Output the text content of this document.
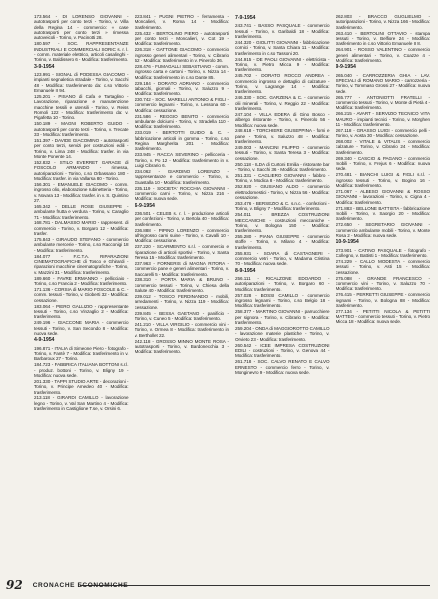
173.564 - DI LORENSO GIOVANNI - autotrasporti per conto terzi - Torino, v. Villa della Regina 14 - commercio: « case autotrasporti per conto terzi » rimessa autoveicoli - Torino, v. Pacinotti 28.

180.597 - SOC. RAPPRESENTANZE INDUSTRIALI E COMMERCIALI SORIC s. r. l. - comm. materiale elettrico, articoli casalinghi - Torino, v. Baldissero 6 - Modifica: trasferimento.

3-9-1954

123.991 - SIGNAL di PODESSA GIACOMO - impianti segnaletica stradale - Torino, v. Sacchi 48 - Modifica: trasferimento da: c.so Vittorio Emanuele II 94.

125.201 - PISANO di Cafa e Tartaglino - Lavorazione, riparazione e manutenzione macchine tessili e utensili - Torino, v. Reiss Romoli 122 - Modifica: trasferimento da: v. Pigafetta 10 - Torino.

150.189 - MAGNI ROBERTO GUIDO - autotrasporti per conto terzi - Torino, v. Trecate 33 - Modifica: trasferimento.

151.397 - DAVIDE GIACOMINO - autotrasporti per conto terzi, servizi per costruzioni edili - Torino, v. Lima 248 - Modifica: trasfer. in via Monte Ponente 14.

152.832 - STILO EVERRET GARAGE di FOSCOLO ARMANDO - rimessa, autoriparazioni - Torino, c.so Orbassano 180 - Modifica: trasfer. in via Vallarsa 80 - Torino.

156.301 - EMANUELE GIACOMO - comm. ingrosso olio, elaborazione rubinetteria - Torino, v. Novara 13 - Modifica: trasfer. in v. S. Quintino 27.

165.342 - DELLE ROSE GIUSEPPE - ambulante frutta e verdura - Torino, v. Caraglio 71 - Modifica: trasferimento.

168.781 - DALMASSO MARIO - rappresent. di commercio - Torino, v. Borgaro 12 - Modifica: trasfer.

175.843 - GIRAUDO STEFANO - commercio ambulante mercerie - Torino, c.so Racconigi 18 - Modifica: trasferimento.

184.077 - F.C.T.A. RIPARAZIONI CINEMATOGRAFICHE di Tosco e Ghirardi - riparazioni macchine cinematografiche - Torino, v. Mazzini 31 - Modifica: trasferimento.

189.660 - FAVRE ERMANNO - pellicciaio - Torino, c.so Francia 2 - Modifica: trasferimento.

171.136 - CORSIA di MARIO FOSCOLE & C. - comm. tessuti - Torino, v. Gioberti 32 - Modifica: cessazione.

183.064 - PIERO GALLIZIO - rappresentante tessuti - Torino, c.so Vinzaglio 2 - Modifica: trasferimento.

249.196 - GIACCONE MARIA - commercio tessuti - Torino, v. San Secondo 8 - Modifica: nuova sede.

4-9-1954

196.871 - ITALIA di Simeone Piero - fotografo - Torino, v. Fantè 7 - Modifica: trasferimento in v. Barbaroux 27 - Torino.

184.723 - FABBRICA ITALIANA BOTTONI s.r.l. - produz. bottoni - Torino, v. Bligny 19 - Modifica: nuova sede.

201.330 - TAPPI STUDIO ARTE - decorazioni - Torino, v. Principe Amedeo 40 - Modifica: trasferimento.

213.118 - GIRARDI CAMILLO - lavorazione legno - Torino, v. Val San Martino 4 - Modifica: trasferimento in Castiglione T.se, v. Orsini 6.

223.841 - PUGNI PIETRO - ferramenta - Moncalieri, v. Roma 14 - Modifica: trasferimento.

225.432 - BERTOLINO PIERO - autotrasporti per conto terzi - Moncalieri, v. Cot 19 - Modifica: trasferimento.

226.318 - GATTONE GIACOMO - commercio ingrosso generi alimentari - Torino, v. Cibrario 52 - Modifica: trasferimento in v. Pinerolo 36.

228.476 - FUMAGALLI SEBASTIANO - comm. ingrosso carta e cartoni - Torino, v. Nizza 14 - Modifica: trasferimento in c.so Dante 85.

229.184 - DORATO ADRIANO - commercio tabacchi, giornali - Torino, v. Saluzzo 9 - Modifica: trasferimento.

230.742 - SOC. MARELLI ANTONIO & FIGLI - commercio legnami - Torino, v. Lessona 60 - Modifica: cessazione.

231.586 - REGGIO BENITO - commercio ambulante dolciumi - Torino, v. Stradella 110 - Modifica: trasferimento.

233.019 - BERTOTTI GUIDO & C. - fabbricazione articoli in gomma - Torino, c.so Regina Margherita 201 - Modifica: trasferimento.

233.945 - RACCA SEVERINO - pellicceria - Torino, v. Po 12 - Modifica: trasferimento in v. Luigi Cibrario 6.

234.062 - GIARDINO LORENZO - rappresentanze e commercio - Torino, v. Guastalla 10 - Modifica: trasferimento.

235.119 - SOCIETA' ROCCHIA GIOVANNI - commercio carni - Torino, v. Nizza 216 - Modifica: nuova sede.

6-9-1954

236.501 - CELEB s. r. l. - produzione articoli per confezioni - Torino, v. Bertola 40 - Modifica: trasferimento.

236.888 - PIPINO LORENZO - commercio all'ingrosso carni suine - Torino, v. Cavalli 10 - Modifica: cessazione.

237.220 - SCARMENTO s.r.l. - commercio e riparazione di articoli sportivi - Torino, v. Santa Teresa 15 - Modifica: trasferimento.

237.963 - FORNERIS di MAGNA RITORA - commercio pane e generi alimentari - Torino, v. Saccarelli 5 - Modifica: trasferimento.

238.310 - PORTA MARIA & BRUNO - commercio tessuti - Torino, v. Chiesa della Salute 40 - Modifica: trasferimento.

239.012 - TOSCO FERDINANDO - mobili, arredamenti - Torino, v. Nizza 119 - Modifica: cessazione.

239.845 - BESSA GAETANO - panificio - Torino, v. Cuneo 5 - Modifica: trasferimento.

241.210 - VILLA VIRGILIO - commercio vini - Torino, v. Ormea 8 - Modifica: trasferimento in v. Berthollet 22.

242.118 - GROSSO MINNO MONTE ROSA - autotrasporti - Torino, v. Bardonecchia 3 - Modifica: trasferimento.

7-9-1954

243.741 - BASSO PASQUALE - commercio tessuti - Torino, v. Garibaldi 18 - Modifica: trasferimento.

244.320 - GIOLITTI GIOVANNI - fabbricazione cornici - Torino, v. Santa Chiara 11 - Modifica: trasferimento in c.so Tassoni 20.

244.915 - DE PAOLI GIOVANNI - elettricista - Torino, v. Pietro Micca 9 - Modifica: trasferimento.

245.702 - DORATO ROCCO ANDREA - commercio ingrosso e dettaglio di calzature - Torino, v. Lagrange 14 - Modifica: trasferimento.

246.330 - SOC. GARZENA & C. - commercio olii minerali - Torino, v. Reggio 22 - Modifica: trasferimento.

247.104 - VILLA EDERA di Gino Bosco - albergo ristorante - Torino, v. Pinerolo 56 - Modifica: nuova sede.

248.618 - TORCHIERE GIUSEPPINA - forni e pane - Torino, v. Saluzzo 48 - Modifica: trasferimento.

249.003 - MANCINI FILIPPO - commercio tessuti - Torino, v. Santa Teresa 3 - Modifica: cessazione.

250.118 - ILDA di Curtoni Emilia - ristorante bar - Torino, v. Sacchi 36 - Modifica: trasferimento.

251.331 - CAGLIERO GIOVANNI - fabbro - Torino, v. Modica 8 - Modifica: trasferimento.

252.920 - GIUSIANO ALDO - commercio elettrodomestici - Torino, v. Nizza 56 - Modifica: cessazione.

253.476 - BERSEZIO & C. s.n.c. - confezioni - Torino, v. Bligny 7 - Modifica: trasferimento.

254.011 - BREZZA COSTRUZIONI MECCANICHE - costruzioni meccaniche - Torino, v. Bologna 150 - Modifica: trasferimento.

255.280 - PIANA GIUSEPPE - commercio stoffe - Torino, v. Milano 4 - Modifica: trasferimento.

255.931 - SOARA di CASTAGNERI - commercio vetri - Torino, v. Madama Cristina 70 - Modifica: nuova sede.

8-9-1954

256.111 - RICALZONE EDOARDO - autoriparazioni - Torino, v. Borgaro 60 - Modifica: trasferimento.

257.028 - BOSSI CAMILLO - commercio ingrosso legnami - Torino, c.so Belgio 18 - Modifica: trasferimento.

258.377 - MARTINO GIOVANNI - parrucchiere per signora - Torino, v. Cibrario 5 - Modifica: trasferimento.

259.204 - ONDA di MAGGIOROTTO CAMILLO - lavorazione materie plastiche - Torino, v. Orvieto 23 - Modifica: trasferimento.

260.542 - ICEE IMPRESA COSTRUZIONI EDILI - costruzioni - Torino, v. Genova 44 - Modifica: trasferimento.

261.718 - SOC. CALVO RENATO E CALVO ERNESTO - commercio ferro - Torino, v. Monginevro 9 - Modifica: nuova sede.

262.803 - BRACCO GUGLIELMO - autoriparazioni - Torino, v. Nizza 166 - Modifica: trasferimento.

263.410 - BERTOLINI OTTAVIO - stampa tessuti - Torino, v. Belfiore 24 - Modifica: trasferimento in c.so Vittorio Emanuele II 8.

264.901 - ROSSO VALENTINO - commercio generi alimentari - Torino, v. Coazze 4 - Modifica: trasferimento.

9-9-1954

265.040 - CARROZZERIA GHIA - LAV. SPECIALI di ROMANO MARIO - carrozzeria - Torino, v. Tommaso Grossi 27 - Modifica: nuova sede.

265.777 - ANTONIOTTI FRATELLI - commercio tessuti - Torino, v. Monte di Pietà 4 - Modifica: trasferimento.

266.215 - AVART - SERVIZIO TECNICO VITA MAURO - impianti tecnici - Torino, v. Morghen 11 - Modifica: trasferimento.

267.118 - GRASSO LUIGI - commercio pelli - Torino, v. Aosta 30 - Modifica: cessazione.

268.002 - VITALE & VITALIS - commercio calzature - Torino, v. Cibrario 24 - Modifica: trasferimento.

269.340 - CASCIO & PAGANO - commercio mobili - Torino, v. Frejus 6 - Modifica: nuova sede.

270.481 - BIANCHI LUIGI & FIGLI s.r.l. - ingrosso tessuti - Torino, v. Bogino 16 - Modifica: trasferimento.

271.067 - ALBESO GIOVANNI & ROSSO GIOVANNI - lavorazioni - Torino, v. Cigna 4 - Modifica: trasferimento.

271.883 - BELLONE BATTISTA - fabbricazione mobili - Torino, v. Saorgio 20 - Modifica: trasferimento.

272.650 - SEGRETARIO GIOVANNI - commercio ambulante mobili - Torino, v. Monte Rosa 2 - Modifica: nuova sede.

10-9-1954

273.901 - CATINO PASQUALE - fotografo - Collegno, v. Battisti 1 - Modifica: trasferimento.

274.229 - CALLO MODESTA - commercio tessuti - Torino, v. Asti 15 - Modifica: cessazione.

275.088 - GRANDE FRANCESCO - commercio vini - Torino, v. Saluzzo 70 - Modifica: trasferimento.

276.415 - PERRETTI GIUSEPPE - commercio legnami - Torino, v. Bologna 88 - Modifica: trasferimento.

277.134 - PETITTI NICOLA & PETITTI MATTEO - commercio tessuti - Torino, v. Pietro Micca 18 - Modifica: nuova sede.

92 CRONACHE ECONOMICHE
